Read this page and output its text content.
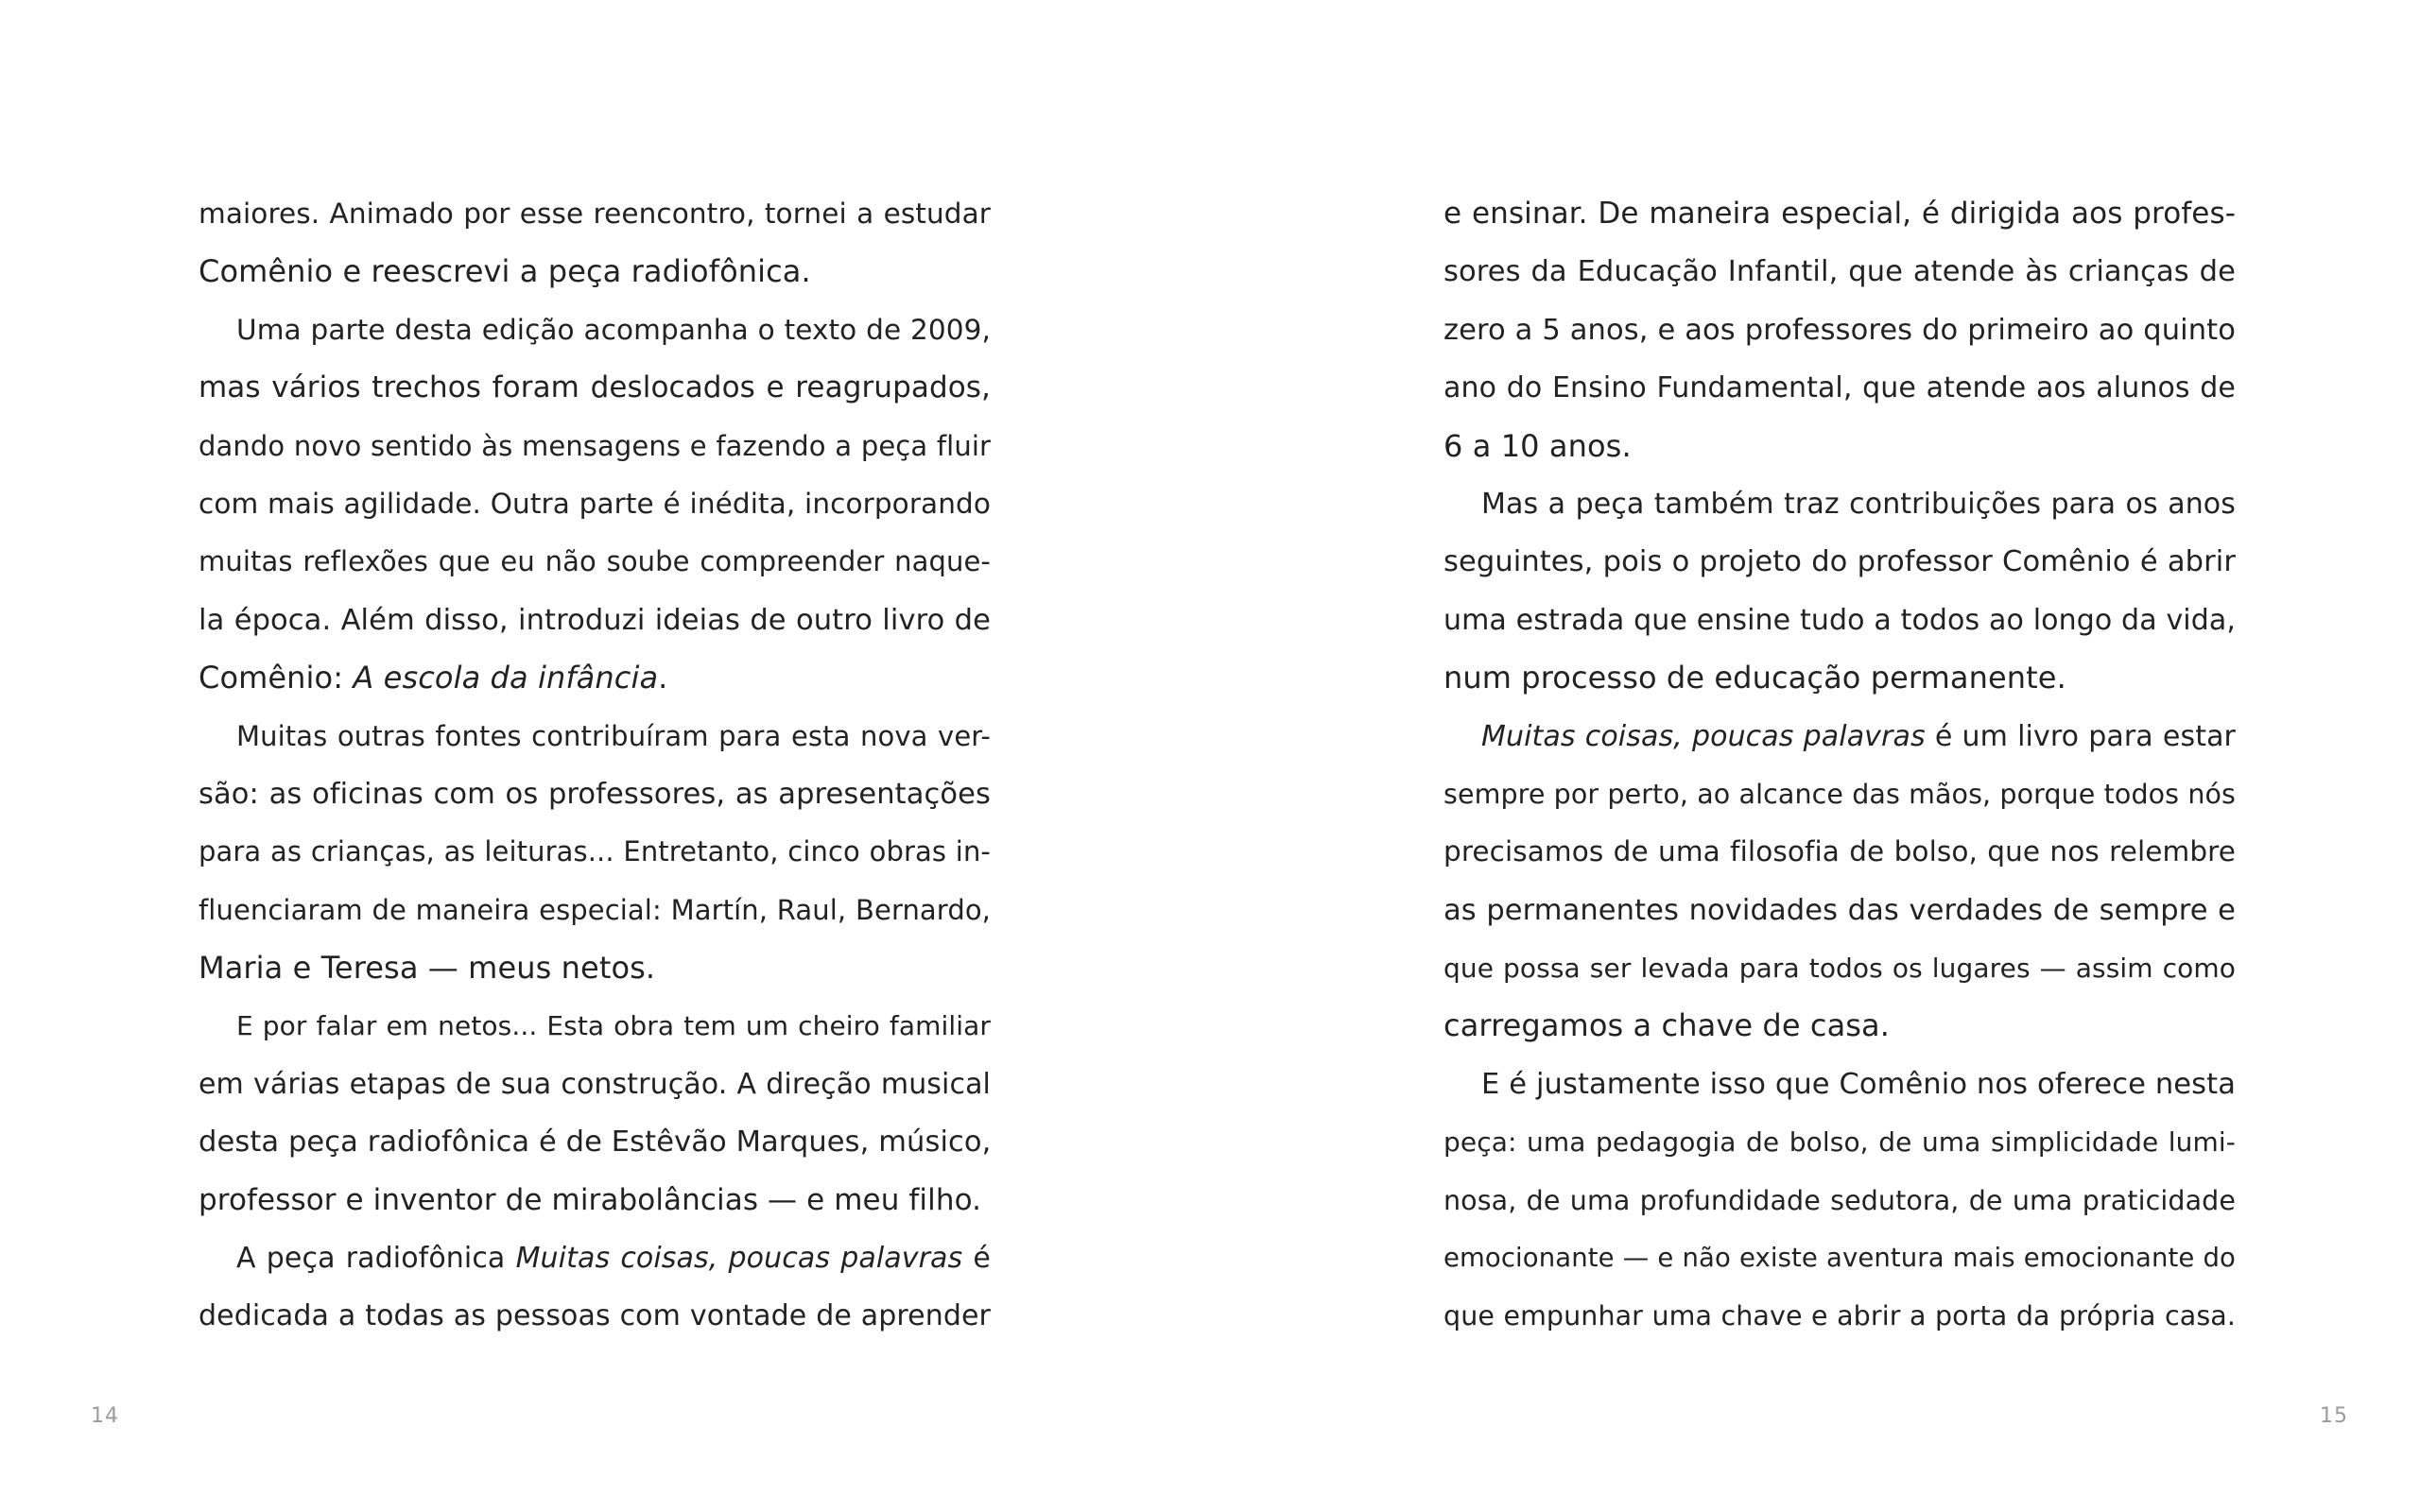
maiores. Animado por esse reencontro, tornei a estudar
Comênio e reescrevi a peça radiofônica.
Uma parte desta edição acompanha o texto de 2009,
mas vários trechos foram deslocados e reagrupados,
dando novo sentido às mensagens e fazendo a peça fluir
com mais agilidade. Outra parte é inédita, incorporando
muitas reflexões que eu não soube compreender naque-
la época. Além disso, introduzi ideias de outro livro de
Comênio: A escola da infância.
Muitas outras fontes contribuíram para esta nova ver-
são: as oficinas com os professores, as apresentações
para as crianças, as leituras... Entretanto, cinco obras in-
fluenciaram de maneira especial: Martín, Raul, Bernardo,
Maria e Teresa — meus netos.
E por falar em netos... Esta obra tem um cheiro familiar
em várias etapas de sua construção. A direção musical
desta peça radiofônica é de Estêvão Marques, músico,
professor e inventor de mirabolâncias — e meu filho.
A peça radiofônica Muitas coisas, poucas palavras é
dedicada a todas as pessoas com vontade de aprender
14
e ensinar. De maneira especial, é dirigida aos profes-
sores da Educação Infantil, que atende às crianças de
zero a 5 anos, e aos professores do primeiro ao quinto
ano do Ensino Fundamental, que atende aos alunos de
6 a 10 anos.
Mas a peça também traz contribuições para os anos
seguintes, pois o projeto do professor Comênio é abrir
uma estrada que ensine tudo a todos ao longo da vida,
num processo de educação permanente.
Muitas coisas, poucas palavras é um livro para estar
sempre por perto, ao alcance das mãos, porque todos nós
precisamos de uma filosofia de bolso, que nos relembre
as permanentes novidades das verdades de sempre e
que possa ser levada para todos os lugares — assim como
carregamos a chave de casa.
E é justamente isso que Comênio nos oferece nesta
peça: uma pedagogia de bolso, de uma simplicidade lumi-
nosa, de uma profundidade sedutora, de uma praticidade
emocionante — e não existe aventura mais emocionante do
que empunhar uma chave e abrir a porta da própria casa.
15
